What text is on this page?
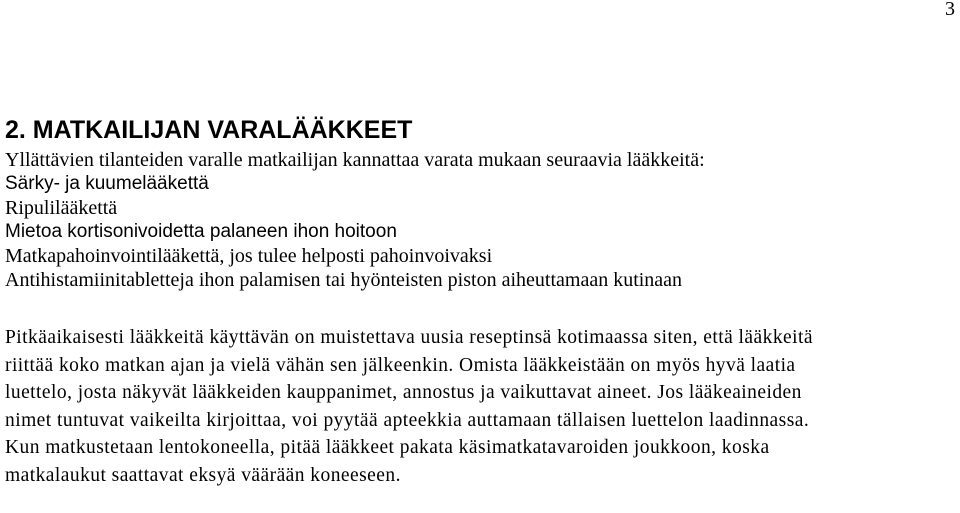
3
2. MATKAILIJAN VARALÄÄKKEET

Yllättävien tilanteiden varalle matkailijan kannattaa varata mukaan seuraavia lääkkeitä:

Särky- ja kuumelääkettä

Ripulilääkettä

Mietoa kortisonivoidetta palaneen ihon hoitoon

Matkapahoinvointilääkettä, jos tulee helposti pahoinvoivaksi

Antihistamiinitabletteja ihon palamisen tai hyönteisten piston aiheuttamaan kutinaan

Pitkäaikaisesti lääkkeitä käyttävän on muistettava uusia reseptinsä kotimaassa siten, että lääkkeitä
riittää koko matkan ajan ja vielä vähän sen jälkeenkin. Omista lääkkeistään on myös hyvä laatia
luettelo, josta näkyvät lääkkeiden kauppanimet, annostus ja vaikuttavat aineet. Jos lääkeaineiden
nimet tuntuvat vaikeilta kirjoittaa, voi pyytää apteekkia auttamaan tällaisen luettelon laadinnassa.
Kun matkustetaan lentokoneella, pitää lääkkeet pakata käsimatkatavaroiden joukkoon, koska
matkalaukut saattavat eksyä väärään koneeseen.
